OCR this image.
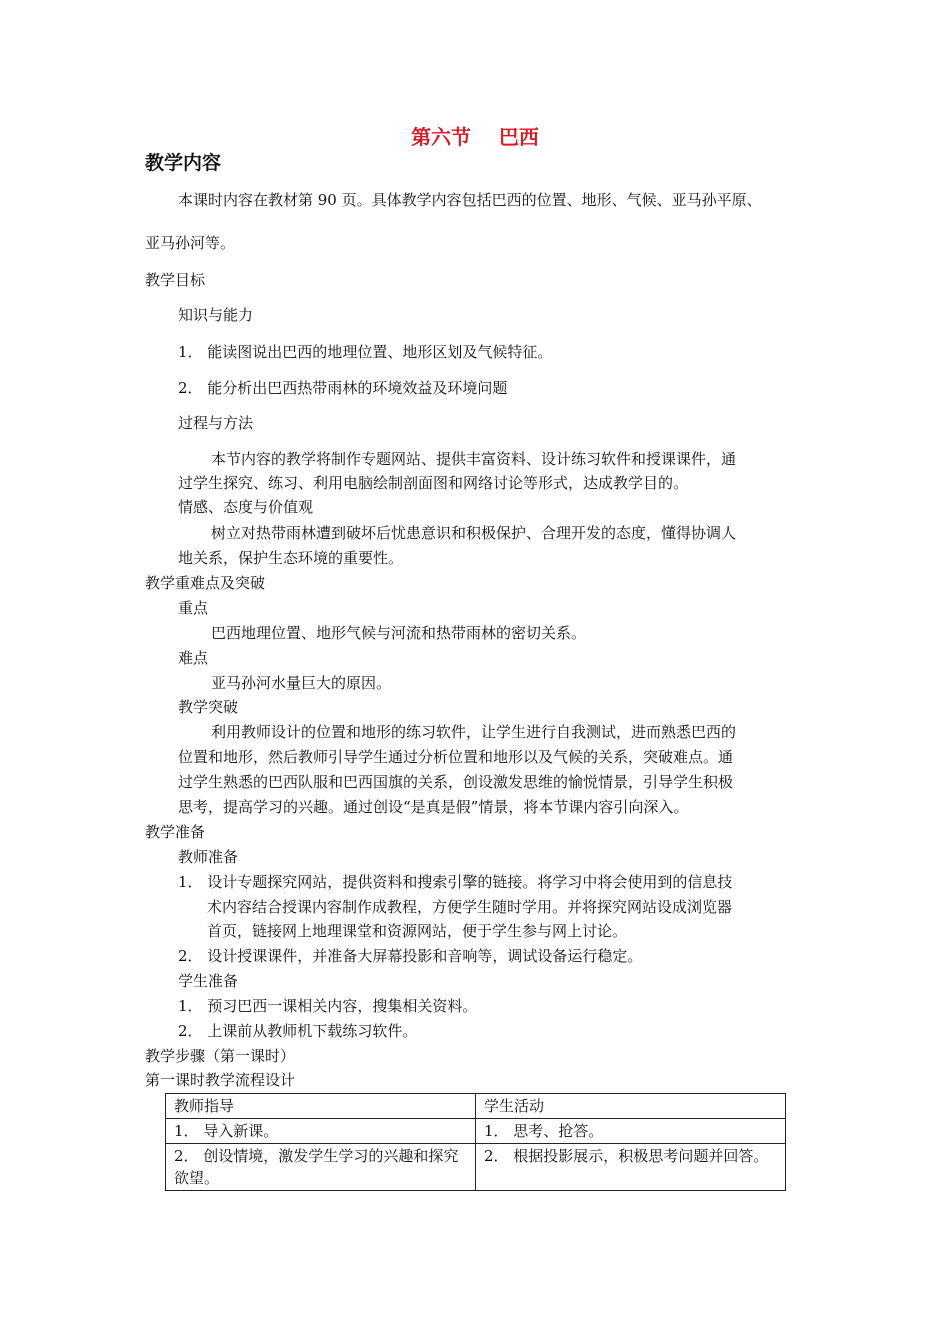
第六节    巴西
教学内容
本课时内容在教材第 90 页。具体教学内容包括巴西的位置、地形、气候、亚马孙平原、
亚马孙河等。
教学目标
知识与能力
1． 能读图说出巴西的地理位置、地形区划及气候特征。
2． 能分析出巴西热带雨林的环境效益及环境问题
过程与方法
本节内容的教学将制作专题网站、提供丰富资料、设计练习软件和授课课件，通
过学生探究、练习、利用电脑绘制剖面图和网络讨论等形式，达成教学目的。
情感、态度与价值观
树立对热带雨林遭到破坏后忧患意识和积极保护、合理开发的态度，懂得协调人
地关系，保护生态环境的重要性。
教学重难点及突破
重点
巴西地理位置、地形气候与河流和热带雨林的密切关系。
难点
亚马孙河水量巨大的原因。
教学突破
利用教师设计的位置和地形的练习软件，让学生进行自我测试，进而熟悉巴西的
位置和地形，然后教师引导学生通过分析位置和地形以及气候的关系，突破难点。通
过学生熟悉的巴西队服和巴西国旗的关系，创设激发思维的愉悦情景，引导学生积极
思考，提高学习的兴趣。通过创设“是真是假”情景，将本节课内容引向深入。
教学准备
教师准备
1． 设计专题探究网站，提供资料和搜索引擎的链接。将学习中将会使用到的信息技
术内容结合授课内容制作成教程，方便学生随时学用。并将探究网站设成浏览器
首页，链接网上地理课堂和资源网站，便于学生参与网上讨论。
2． 设计授课课件，并准备大屏幕投影和音响等，调试设备运行稳定。
学生准备
1． 预习巴西一课相关内容，搜集相关资料。
2． 上课前从教师机下载练习软件。
教学步骤（第一课时）
第一课时教学流程设计
教师指导	学生活动
1． 导入新课。	1． 思考、抢答。
2． 创设情境，激发学生学习的兴趣和探究欲望。	2． 根据投影展示，积极思考问题并回答。
